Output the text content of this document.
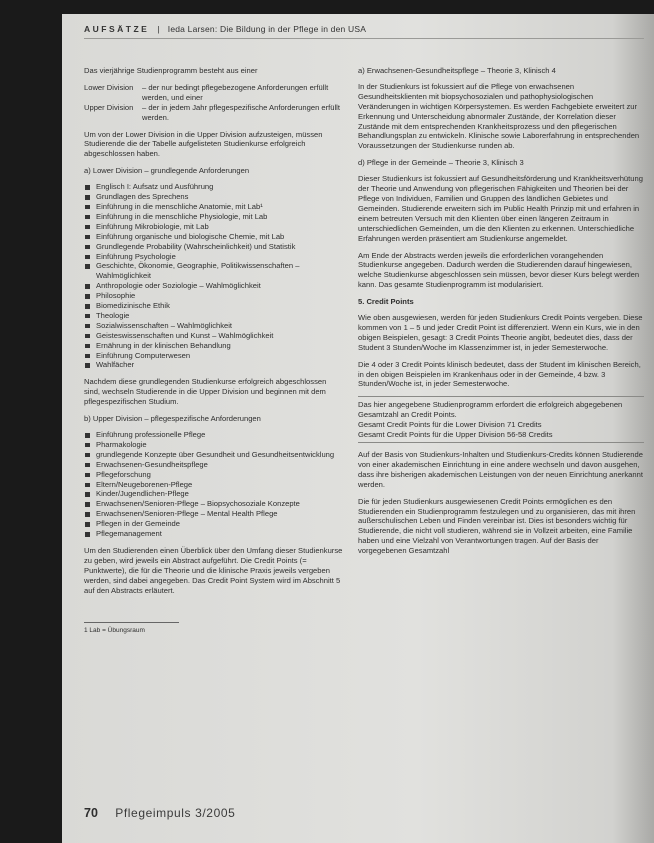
AUFSÄTZE | Ieda Larsen: Die Bildung in der Pflege in den USA

Das vierjährige Studienprogramm besteht aus einer

Lower Division	– der nur bedingt pflegebezogene Anforderungen erfüllt werden, und einer
Upper Division	– der in jedem Jahr pflegespezifische Anforderungen erfüllt werden.

Um von der Lower Division in die Upper Division aufzusteigen, müssen Studierende die der Tabelle aufgelisteten Studienkurse erfolgreich abgeschlossen haben.

a) Lower Division – grundlegende Anforderungen
Englisch I: Aufsatz und Ausführung
Grundlagen des Sprechens
Einführung in die menschliche Anatomie, mit Lab¹
Einführung in die menschliche Physiologie, mit Lab
Einführung Mikrobiologie, mit Lab
Einführung organische und biologische Chemie, mit Lab
Grundlegende Probability (Wahrscheinlichkeit) und Statistik
Einführung Psychologie
Geschichte, Ökonomie, Geographie, Politikwissenschaften – Wahlmöglichkeit
Anthropologie oder Soziologie – Wahlmöglichkeit
Philosophie
Biomedizinische Ethik
Theologie
Sozialwissenschaften – Wahlmöglichkeit
Geisteswissenschaften und Kunst – Wahlmöglichkeit
Ernährung in der klinischen Behandlung
Einführung Computerwesen
Wahlfächer

Nachdem diese grundlegenden Studienkurse erfolgreich abgeschlossen sind, wechseln Studierende in die Upper Division und beginnen mit dem pflegespezifischen Studium.

b) Upper Division – pflegespezifische Anforderungen
Einführung professionelle Pflege
Pharmakologie
grundlegende Konzepte über Gesundheit und Gesundheitsentwicklung
Erwachsenen-Gesundheitspflege
Pflegeforschung
Eltern/Neugeborenen-Pflege
Kinder/Jugendlichen-Pflege
Erwachsenen/Senioren-Pflege – Biopsychosoziale Konzepte
Erwachsenen/Senioren-Pflege – Mental Health Pflege
Pflegen in der Gemeinde
Pflegemanagement

Um den Studierenden einen Überblick über den Umfang dieser Studienkurse zu geben, wird jeweils ein Abstract aufgeführt. Die Credit Points (= Punktwerte), die für die Theorie und die klinische Praxis jeweils vergeben werden, sind dabei angegeben. Das Credit Point System wird im Abschnitt 5 auf den Abstracts erläutert.

1 Lab = Übungsraum
a) Erwachsenen-Gesundheitspflege – Theorie 3, Klinisch 4

In der Studienkurs ist fokussiert auf die Pflege von erwachsenen Gesundheitsklienten mit biopsychosozialen und pathophysiologischen Veränderungen in wichtigen Körpersystemen. Es werden Fachgebiete erweitert zur Erkennung und Unterscheidung abnormaler Zustände, der Korrelation dieser Zustände mit dem entsprechenden Krankheitsprozess und den pflegerischen Behandlungsplan zu entwickeln. Klinische sowie Laborerfahrung in entsprechenden Voraussetzungen der Studienkurse runden ab.

d) Pflege in der Gemeinde – Theorie 3, Klinisch 3

Dieser Studienkurs ist fokussiert auf Gesundheitsförderung und Krankheitsverhütung der Theorie und Anwendung von pflegerischen Fähigkeiten und Theorien bei der Pflege von Individuen, Familien und Gruppen des ländlichen Gebietes und Gemeinden. Studierende erweitern sich im Public Health Prinzip mit und erfahren in einem betreuten Versuch mit den Klienten über einen längeren Zeitraum in unterschiedlichen Gemeinden, um die den Klienten zu erkennen. Unterschiedliche Erfahrungen werden präsentiert am Studienkurse angemeldet.

Am Ende der Abstracts werden jeweils die erforderlichen vorangehenden Studienkurse angegeben. Dadurch werden die Studierenden darauf hingewiesen, welche Studienkurse abgeschlossen sein müssen, bevor dieser Kurs belegt werden kann. Das gesamte Studienprogramm ist modularisiert.

5. Credit Points

Wie oben ausgewiesen, werden für jeden Studienkurs Credit Points vergeben. Diese kommen von 1 – 5 und jeder Credit Point ist differenziert. Wenn ein Kurs, wie in den obigen Beispielen, gesagt: 3 Credit Points Theorie angibt, bedeutet dies, dass der Student 3 Stunden/Woche im Klassenzimmer ist, in jeder Semesterwoche.

Die 4 oder 3 Credit Points klinisch bedeutet, dass der Student im klinischen Bereich, in den obigen Beispielen im Krankenhaus oder in der Gemeinde, 4 bzw. 3 Stunden/Woche ist, in jeder Semesterwoche.

Das hier angegebene Studienprogramm erfordert die erfolgreich abgegebenen Gesamtzahl an Credit Points.
Gesamt Credit Points für die Lower Division 71 Credits
Gesamt Credit Points für die Upper Division 56-58 Credits

Auf der Basis von Studienkurs-Inhalten und Studienkurs-Credits können Studierende von einer akademischen Einrichtung in eine andere wechseln und davon ausgehen, dass ihre bisherigen akademischen Leistungen von der neuen Einrichtung anerkannt werden.

Die für jeden Studienkurs ausgewiesenen Credit Points ermöglichen es den Studierenden ein Studienprogramm festzulegen und zu organisieren, das mit ihren außerschulischen Leben und Finden vereinbar ist. Dies ist besonders wichtig für Studierende, die nicht voll studieren, während sie in Vollzeit arbeiten, eine Familie haben und eine Vielzahl von Verantwortungen tragen. Auf der Basis der vorgegebenen Gesamtzahl

70 Pflegeimpuls 3/2005
